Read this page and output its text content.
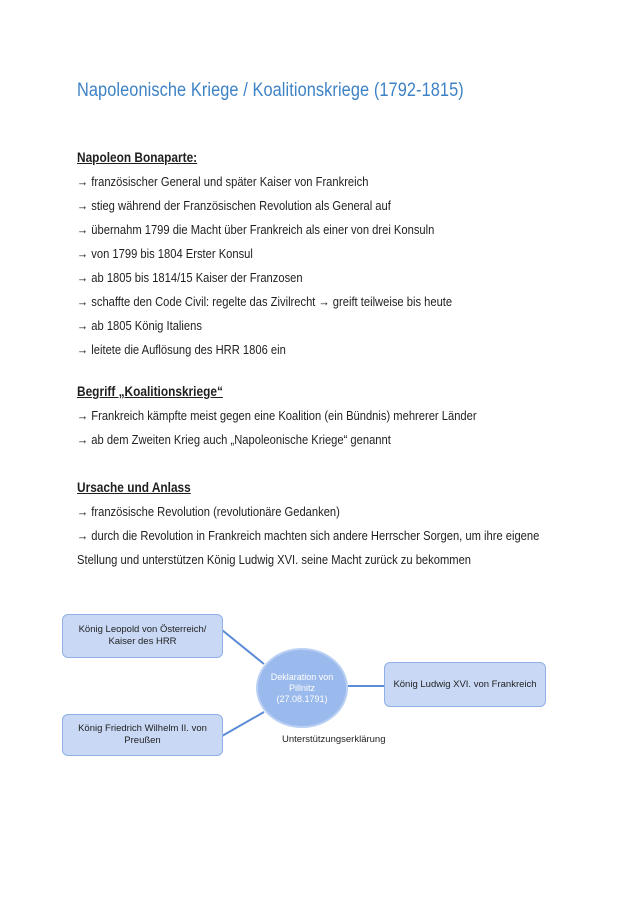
Napoleonische Kriege / Koalitionskriege (1792-1815)
Napoleon Bonaparte:
→ französischer General und später Kaiser von Frankreich
→ stieg während der Französischen Revolution als General auf
→ übernahm 1799 die Macht über Frankreich als einer von drei Konsuln
→ von 1799 bis 1804 Erster Konsul
→ ab 1805 bis 1814/15 Kaiser der Franzosen
→ schaffte den Code Civil: regelte das Zivilrecht → greift teilweise bis heute
→ ab 1805 König Italiens
→ leitete die Auflösung des HRR 1806 ein
Begriff „Koalitionskriege“
→ Frankreich kämpfte meist gegen eine Koalition (ein Bündnis) mehrerer Länder
→ ab dem Zweiten Krieg auch „Napoleonische Kriege“ genannt
Ursache und Anlass
→ französische Revolution (revolutionäre Gedanken)
→ durch die Revolution in Frankreich machten sich andere Herrscher Sorgen, um ihre eigene Stellung und unterstützen König Ludwig XVI. seine Macht zurück zu bekommen
König Leopold von Österreich/ Kaiser des HRR
König Friedrich Wilhelm II. von Preußen
Deklaration von Pillnitz (27.08.1791)
König Ludwig XVI. von Frankreich
Unterstützungserklärung
